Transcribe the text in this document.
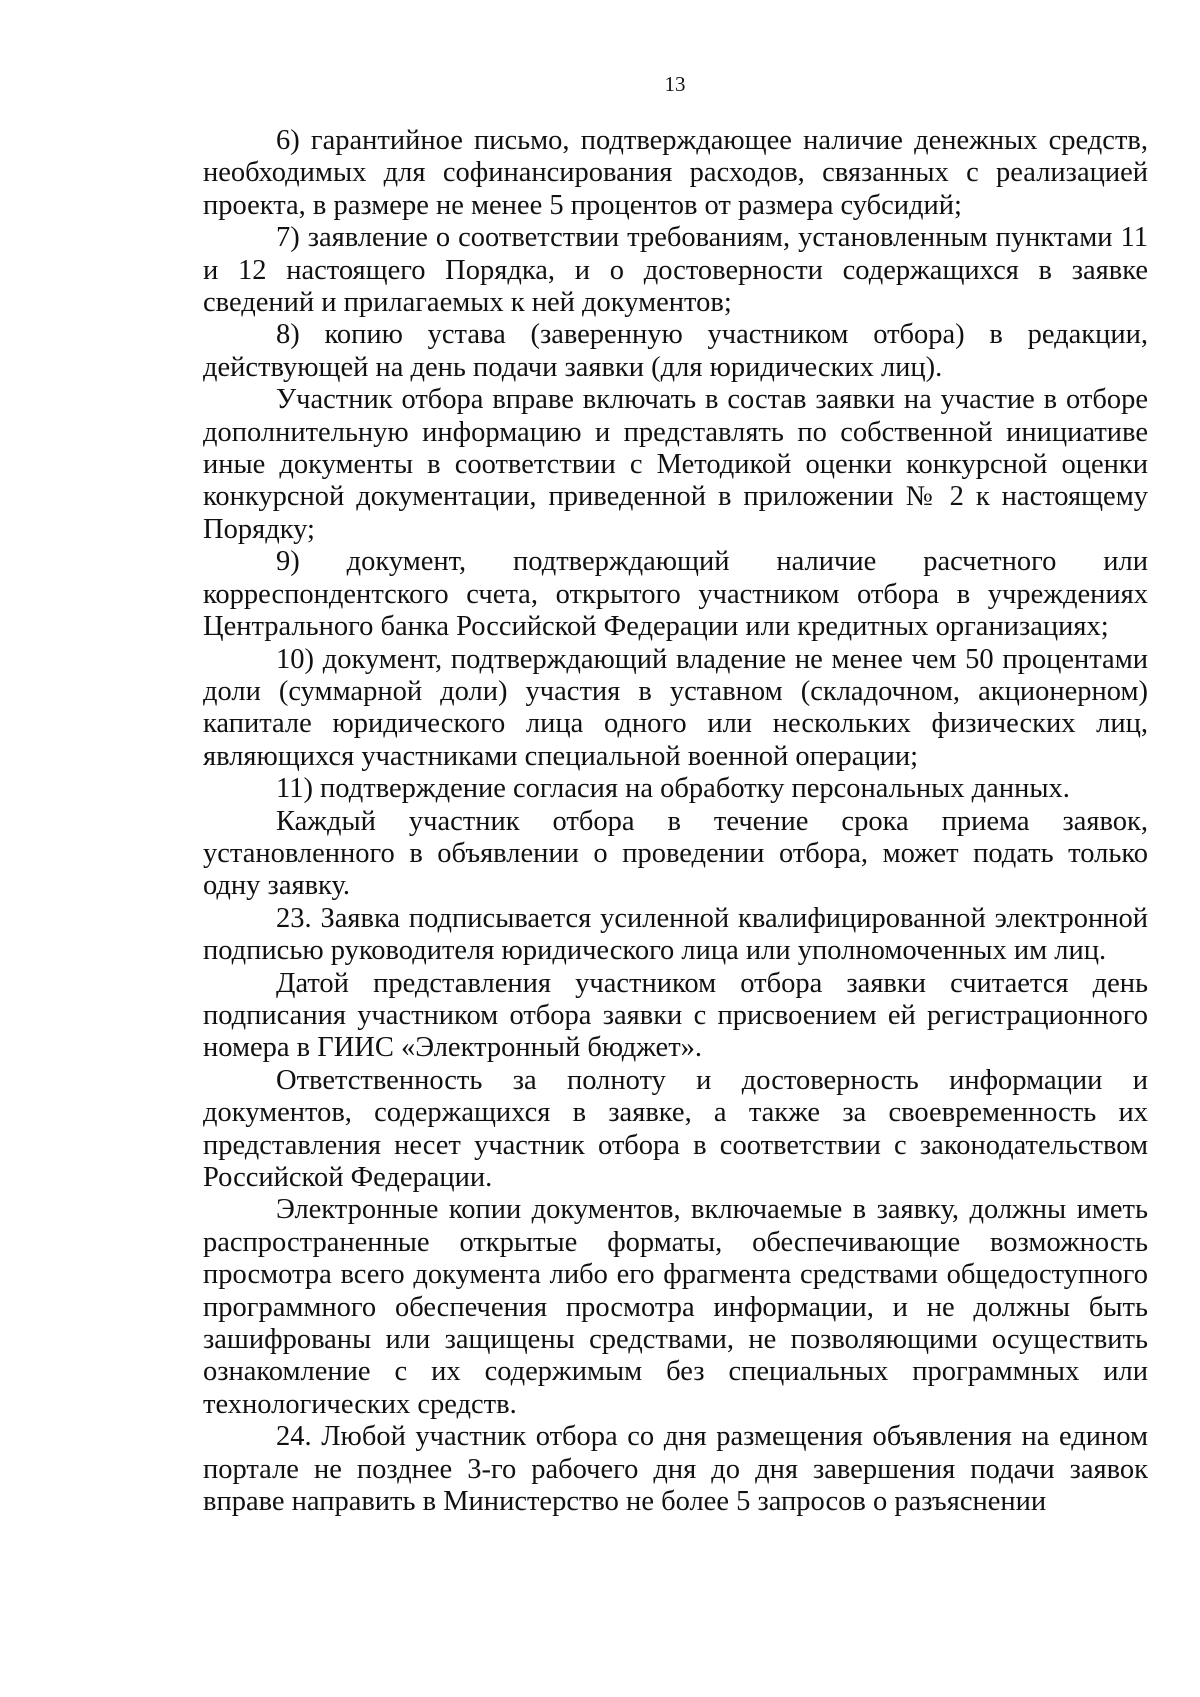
13

6) гарантийное письмо, подтверждающее наличие денежных средств, необходимых для софинансирования расходов, связанных с реализацией проекта, в размере не менее 5 процентов от размера субсидий;

7) заявление о соответствии требованиям, установленным пунктами 11 и 12 настоящего Порядка, и о достоверности содержащихся в заявке сведений и прилагаемых к ней документов;

8) копию устава (заверенную участником отбора) в редакции, действующей на день подачи заявки (для юридических лиц).

Участник отбора вправе включать в состав заявки на участие в отборе дополнительную информацию и представлять по собственной инициативе иные документы в соответствии с Методикой оценки конкурсной оценки конкурсной документации, приведенной в приложении № 2 к настоящему Порядку;

9) документ, подтверждающий наличие расчетного или корреспондентского счета, открытого участником отбора в учреждениях Центрального банка Российской Федерации или кредитных организациях;

10) документ, подтверждающий владение не менее чем 50 процентами доли (суммарной доли) участия в уставном (складочном, акционерном) капитале юридического лица одного или нескольких физических лиц, являющихся участниками специальной военной операции;

11) подтверждение согласия на обработку персональных данных.

Каждый участник отбора в течение срока приема заявок, установленного в объявлении о проведении отбора, может подать только одну заявку.

23. Заявка подписывается усиленной квалифицированной электронной подписью руководителя юридического лица или уполномоченных им лиц.

Датой представления участником отбора заявки считается день подписания участником отбора заявки с присвоением ей регистрационного номера в ГИИС «Электронный бюджет».

Ответственность за полноту и достоверность информации и документов, содержащихся в заявке, а также за своевременность их представления несет участник отбора в соответствии с законодательством Российской Федерации.

Электронные копии документов, включаемые в заявку, должны иметь распространенные открытые форматы, обеспечивающие возможность просмотра всего документа либо его фрагмента средствами общедоступного программного обеспечения просмотра информации, и не должны быть зашифрованы или защищены средствами, не позволяющими осуществить ознакомление с их содержимым без специальных программных или технологических средств.

24. Любой участник отбора со дня размещения объявления на едином портале не позднее 3-го рабочего дня до дня завершения подачи заявок вправе направить в Министерство не более 5 запросов о разъяснении
